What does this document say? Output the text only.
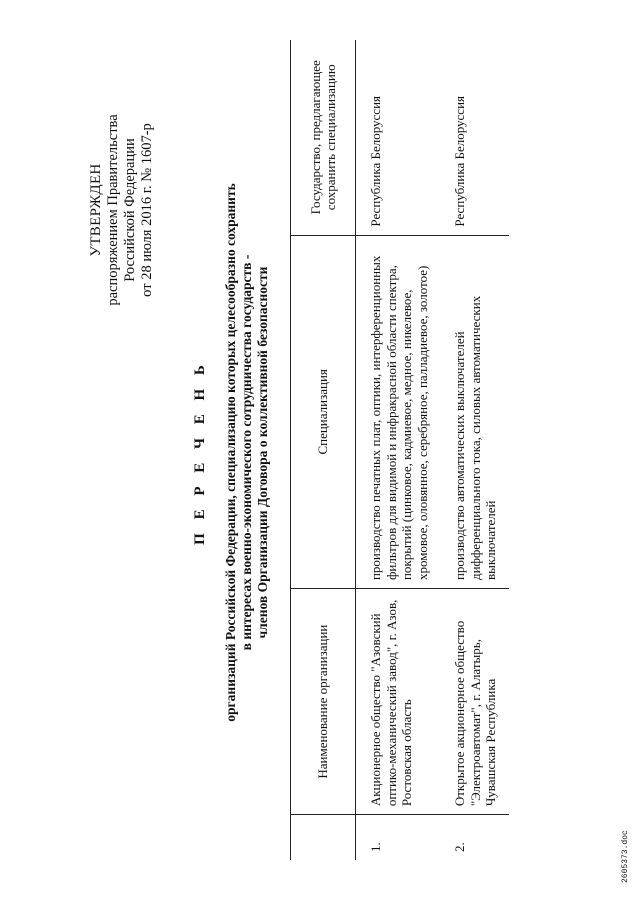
УТВЕРЖДЕН распоряжением Правительства Российской Федерации от 28 июля 2016 г. № 1607-р
П Е Р Е Ч Е Н Ь организаций Российской Федерации, специализацию которых целесообразно сохранить в интересах военно-экономического сотрудничества государств - членов Организации Договора о коллективной безопасности
	Наименование организации	Специализация	Государство, предлагающее сохранить специализацию
1.	Акционерное общество "Азовский оптико-механический завод", г. Азов, Ростовская область	производство печатных плат, оптики, интерференционных фильтров для видимой и инфракрасной области спектра, покрытий (цинковое, кадмиевое, медное, никелевое, хромовое, оловянное, серебряное, палладиевое, золотое)	Республика Белоруссия
2.	Открытое акционерное общество "Электроавтомат", г. Алатырь, Чувашская Республика	производство автоматических выключателей дифференциального тока, силовых автоматических выключателей	Республика Белоруссия
2605373.doc
